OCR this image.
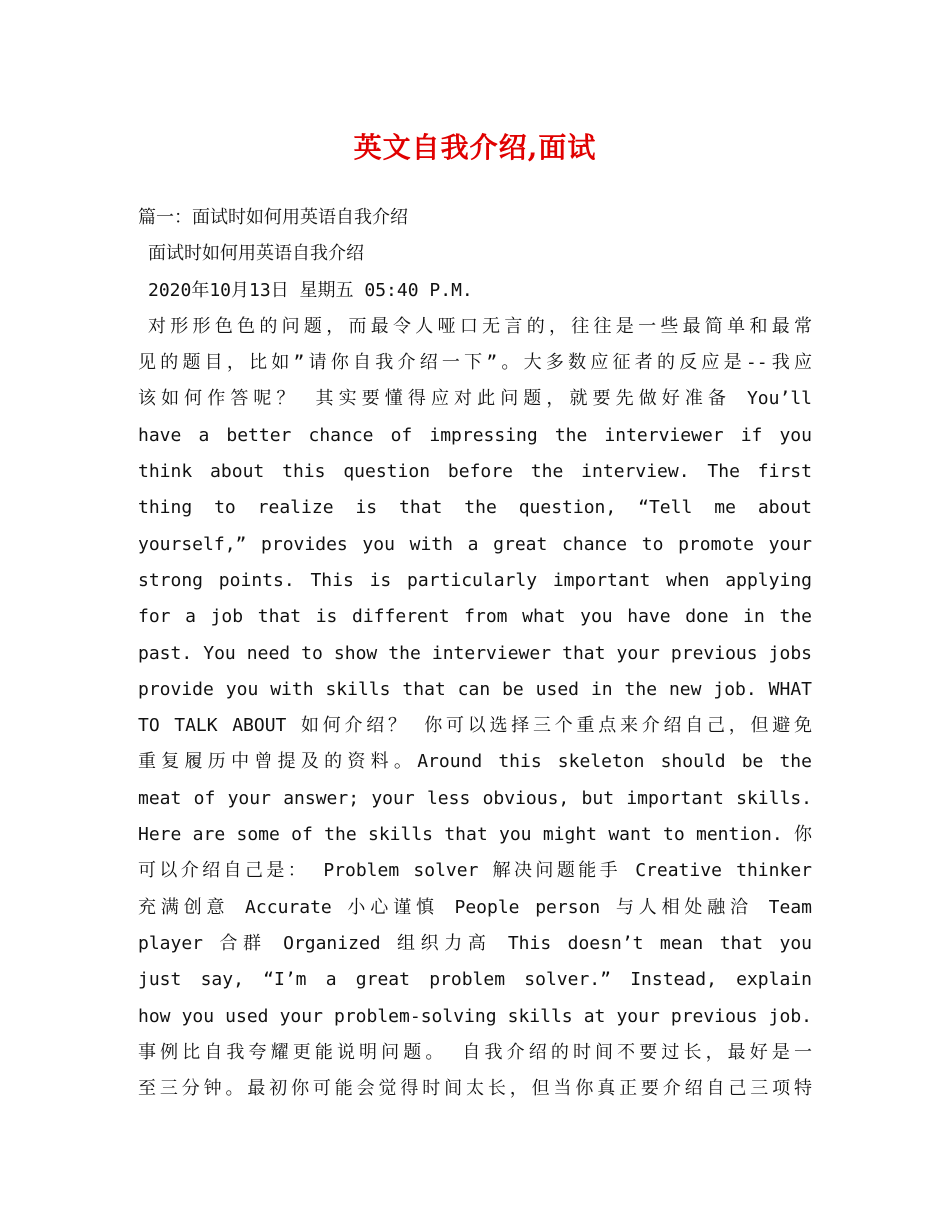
英文自我介绍,面试
篇一：面试时如何用英语自我介绍
面试时如何用英语自我介绍
2020年10月13日 星期五 05:40 P.M.
对形形色色的问题，而最令人哑口无言的，往往是一些最简单和最常
见的题目，比如”请你自我介绍一下”。大多数应征者的反应是--我应
该如何作答呢？ 其实要懂得应对此问题，就要先做好准备 You’ll
have a better chance of impressing the interviewer if you
think about this question before the interview. The first
thing to realize is that the question, “Tell me about
yourself,” provides you with a great chance to promote your
strong points. This is particularly important when applying
for a job that is different from what you have done in the
past. You need to show the interviewer that your previous jobs
provide you with skills that can be used in the new job. WHAT
TO TALK ABOUT 如何介绍？ 你可以选择三个重点来介绍自己，但避免
重复履历中曾提及的资料。Around this skeleton should be the
meat of your answer; your less obvious, but important skills.
Here are some of the skills that you might want to mention. 你
可以介绍自己是： Problem solver 解决问题能手 Creative thinker
充满创意 Accurate 小心谨慎 People person 与人相处融洽 Team
player 合群 Organized 组织力高 This doesn’t mean that you
just say, “I’m a great problem solver.” Instead, explain
how you used your problem-solving skills at your previous job.
事例比自我夸耀更能说明问题。 自我介绍的时间不要过长，最好是一
至三分钟。最初你可能会觉得时间太长，但当你真正要介绍自己三项特
